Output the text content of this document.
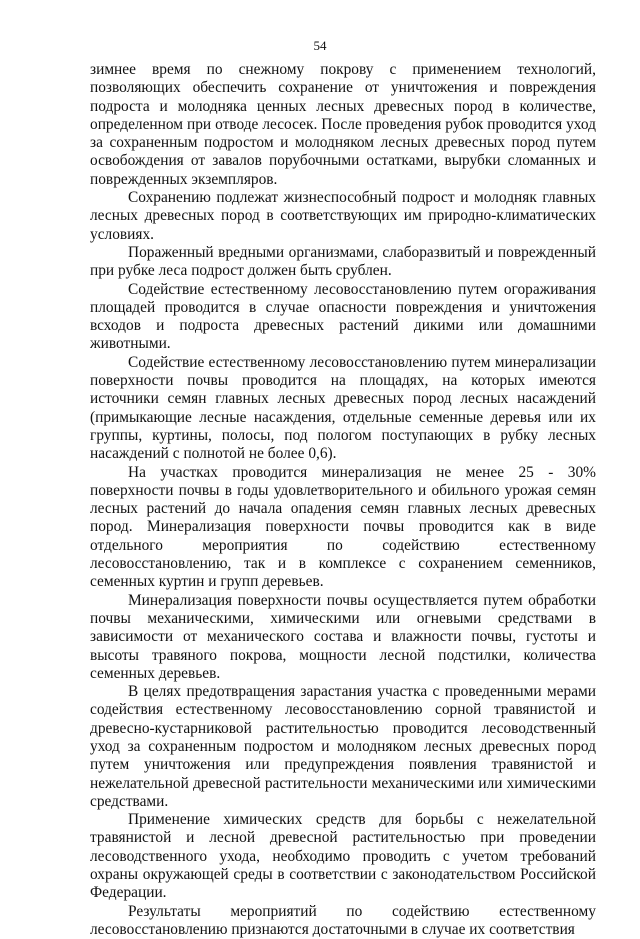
54

зимнее время по снежному покрову с применением технологий, позволяющих обеспечить сохранение от уничтожения и повреждения подроста и молодняка ценных лесных древесных пород в количестве, определенном при отводе лесосек. После проведения рубок проводится уход за сохраненным подростом и молодняком лесных древесных пород путем освобождения от завалов порубочными остатками, вырубки сломанных и поврежденных экземпляров.

Сохранению подлежат жизнеспособный подрост и молодняк главных лесных древесных пород в соответствующих им природно-климатических условиях.

Пораженный вредными организмами, слаборазвитый и поврежденный при рубке леса подрост должен быть срублен.

Содействие естественному лесовосстановлению путем огораживания площадей проводится в случае опасности повреждения и уничтожения всходов и подроста древесных растений дикими или домашними животными.

Содействие естественному лесовосстановлению путем минерализации поверхности почвы проводится на площадях, на которых имеются источники семян главных лесных древесных пород лесных насаждений (примыкающие лесные насаждения, отдельные семенные деревья или их группы, куртины, полосы, под пологом поступающих в рубку лесных насаждений с полнотой не более 0,6).

На участках проводится минерализация не менее 25 - 30% поверхности почвы в годы удовлетворительного и обильного урожая семян лесных растений до начала опадения семян главных лесных древесных пород. Минерализация поверхности почвы проводится как в виде отдельного мероприятия по содействию естественному лесовосстановлению, так и в комплексе с сохранением семенников, семенных куртин и групп деревьев.

Минерализация поверхности почвы осуществляется путем обработки почвы механическими, химическими или огневыми средствами в зависимости от механического состава и влажности почвы, густоты и высоты травяного покрова, мощности лесной подстилки, количества семенных деревьев.

В целях предотвращения зарастания участка с проведенными мерами содействия естественному лесовосстановлению сорной травянистой и древесно-кустарниковой растительностью проводится лесоводственный уход за сохраненным подростом и молодняком лесных древесных пород путем уничтожения или предупреждения появления травянистой и нежелательной древесной растительности механическими или химическими средствами.

Применение химических средств для борьбы с нежелательной травянистой и лесной древесной растительностью при проведении лесоводственного ухода, необходимо проводить с учетом требований охраны окружающей среды в соответствии с законодательством Российской Федерации.

Результаты мероприятий по содействию естественному лесовосстановлению признаются достаточными в случае их соответствия
